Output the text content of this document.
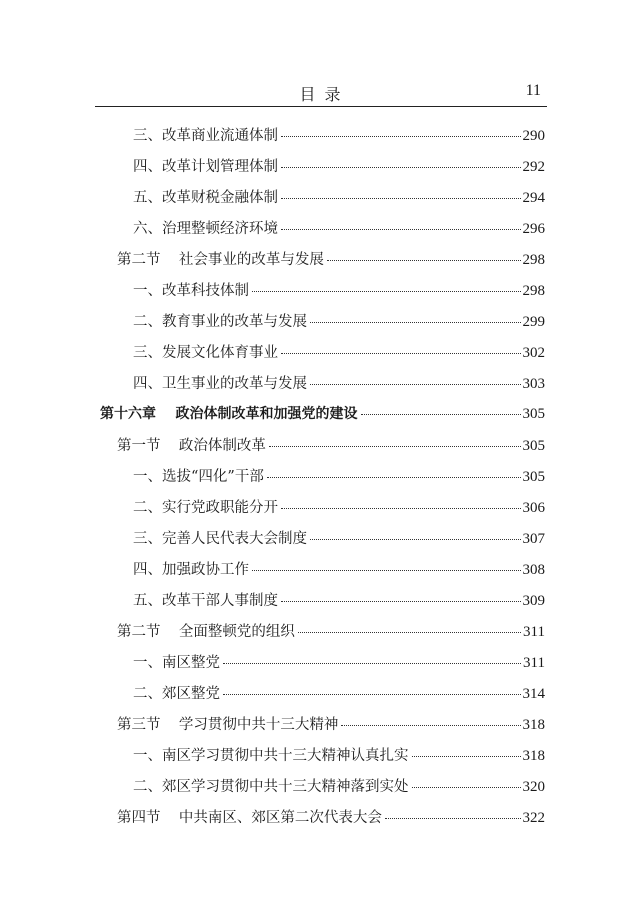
目 录	11
三、改革商业流通体制	290
四、改革计划管理体制	292
五、改革财税金融体制	294
六、治理整顿经济环境	296
第二节    社会事业的改革与发展	298
一、改革科技体制	298
二、教育事业的改革与发展	299
三、发展文化体育事业	302
四、卫生事业的改革与发展	303
第十六章    政治体制改革和加强党的建设	305
第一节    政治体制改革	305
一、选拔“四化”干部	305
二、实行党政职能分开	306
三、完善人民代表大会制度	307
四、加强政协工作	308
五、改革干部人事制度	309
第二节    全面整顿党的组织	311
一、南区整党	311
二、郊区整党	314
第三节    学习贯彻中共十三大精神	318
一、南区学习贯彻中共十三大精神认真扎实	318
二、郊区学习贯彻中共十三大精神落到实处	320
第四节    中共南区、郊区第二次代表大会	322
